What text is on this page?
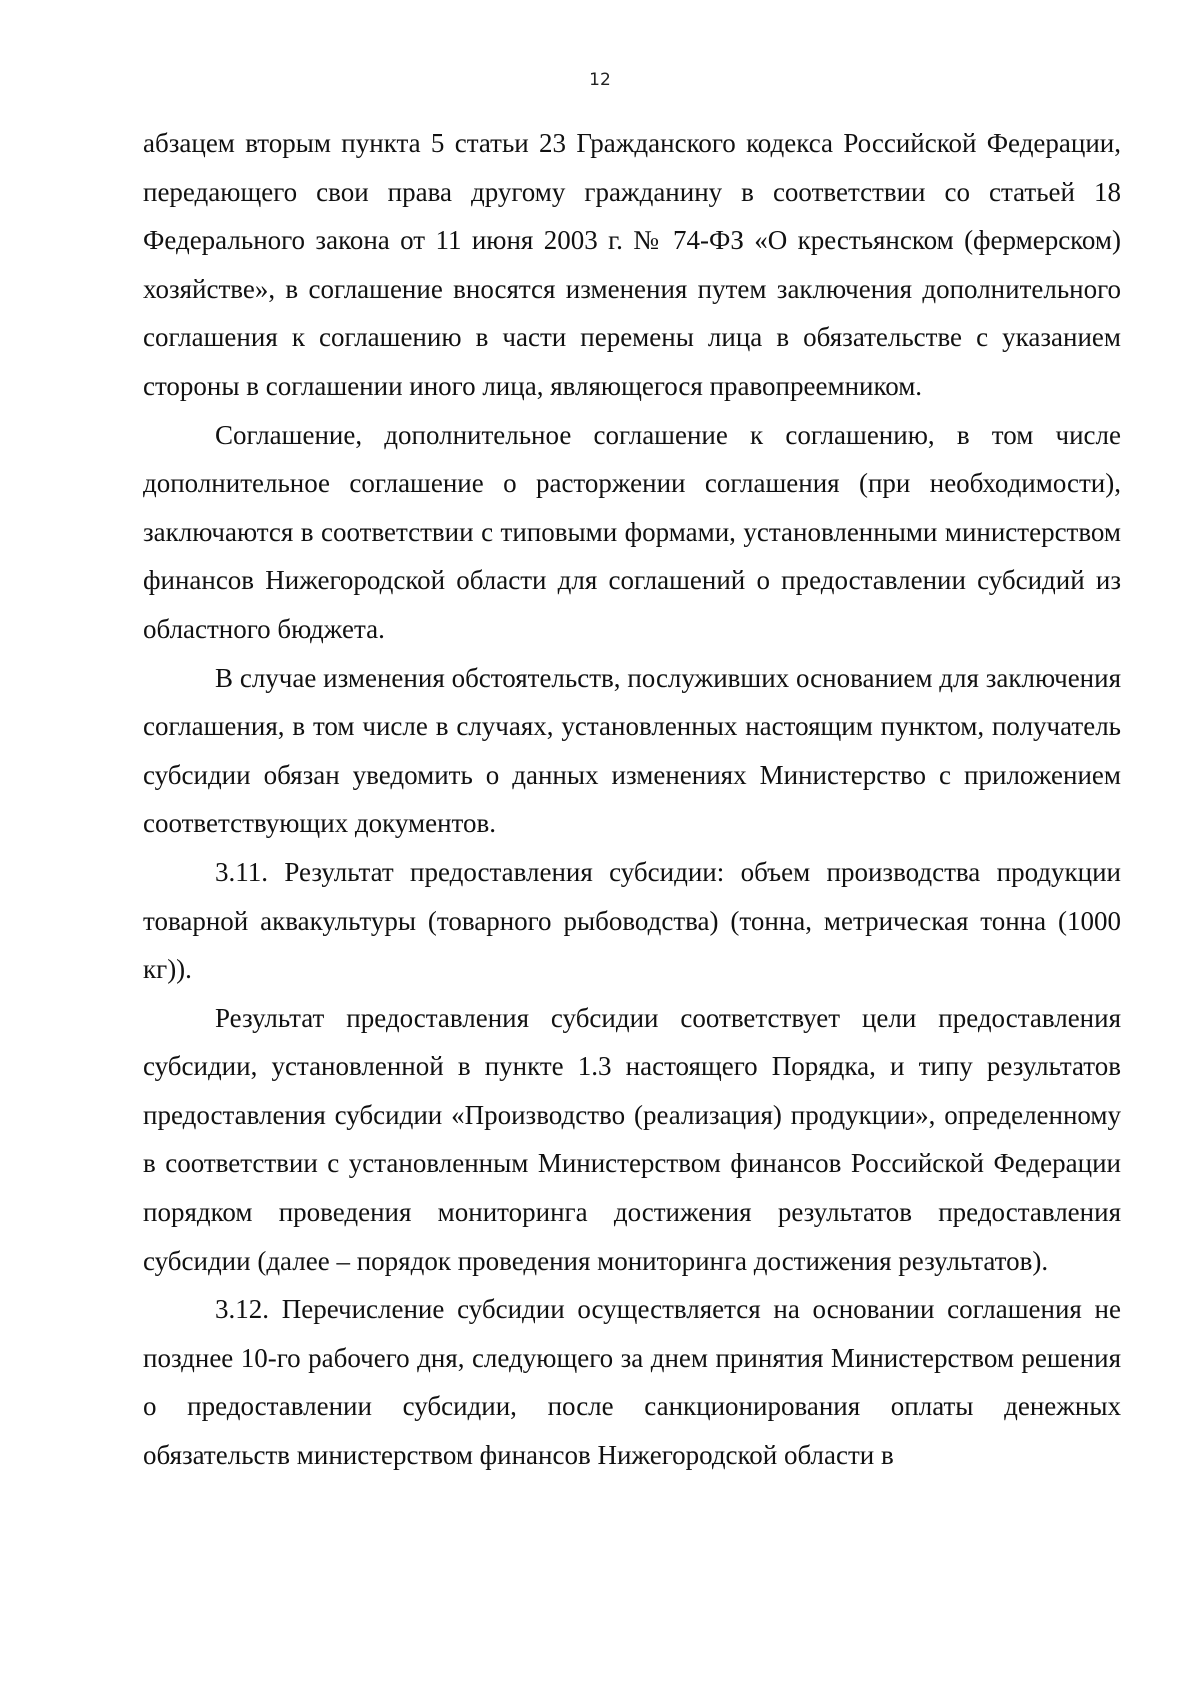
12

абзацем вторым пункта 5 статьи 23 Гражданского кодекса Российской Федерации, передающего свои права другому гражданину в соответствии со статьей 18 Федерального закона от 11 июня 2003 г. № 74-ФЗ «О крестьянском (фермерском) хозяйстве», в соглашение вносятся изменения путем заключения дополнительного соглашения к соглашению в части перемены лица в обязательстве с указанием стороны в соглашении иного лица, являющегося правопреемником.

Соглашение, дополнительное соглашение к соглашению, в том числе дополнительное соглашение о расторжении соглашения (при необходимости), заключаются в соответствии с типовыми формами, установленными министерством финансов Нижегородской области для соглашений о предоставлении субсидий из областного бюджета.

В случае изменения обстоятельств, послуживших основанием для заключения соглашения, в том числе в случаях, установленных настоящим пунктом, получатель субсидии обязан уведомить о данных изменениях Министерство с приложением соответствующих документов.

3.11. Результат предоставления субсидии: объем производства продукции товарной аквакультуры (товарного рыбоводства) (тонна, метрическая тонна (1000 кг)).

Результат предоставления субсидии соответствует цели предоставления субсидии, установленной в пункте 1.3 настоящего Порядка, и типу результатов предоставления субсидии «Производство (реализация) продукции», определенному в соответствии с установленным Министерством финансов Российской Федерации порядком проведения мониторинга достижения результатов предоставления субсидии (далее – порядок проведения мониторинга достижения результатов).

3.12. Перечисление субсидии осуществляется на основании соглашения не позднее 10-го рабочего дня, следующего за днем принятия Министерством решения о предоставлении субсидии, после санкционирования оплаты денежных обязательств министерством финансов Нижегородской области в
